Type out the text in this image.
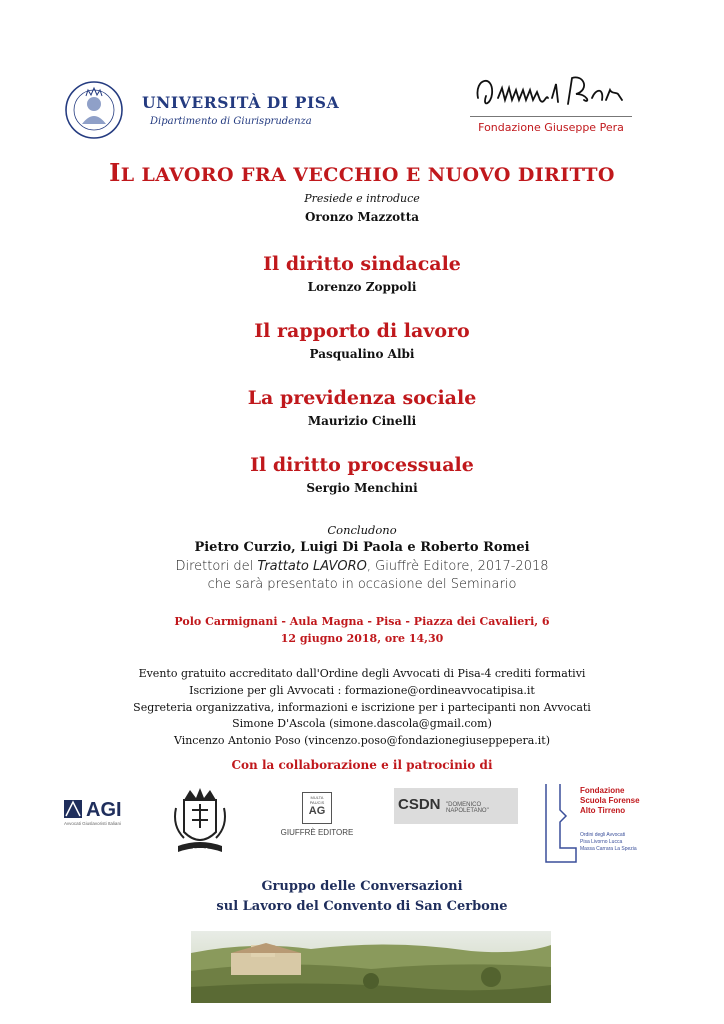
UNIVERSITÀ DI PISA
Dipartimento di Giurisprudenza	Fondazione Giuseppe Pera
IL LAVORO FRA VECCHIO E NUOVO DIRITTO
Presiede e introduce
Oronzo Mazzotta
Il diritto sindacale
Lorenzo Zoppoli
Il rapporto di lavoro
Pasqualino Albi
La previdenza sociale
Maurizio Cinelli
Il diritto processuale
Sergio Menchini
Concludono
Pietro Curzio, Luigi Di Paola e Roberto Romei
Direttori del Trattato LAVORO, Giuffrè Editore, 2017-2018
che sarà presentato in occasione del Seminario
Polo Carmignani - Aula Magna - Pisa - Piazza dei Cavalieri, 6
12 giugno 2018, ore 14,30
Evento gratuito accreditato dall'Ordine degli Avvocati di Pisa-4 crediti formativi
Iscrizione per gli Avvocati : formazione@ordineavvocatipisa.it
Segreteria organizzativa, informazioni e iscrizione per i partecipanti non Avvocati
Simone D'Ascola (simone.dascola@gmail.com)
Vincenzo Antonio Poso (vincenzo.poso@fondazionegiuseppepera.it)
Con la collaborazione e il patrocinio di
AGI
Avvocati Giuslavoristi Italiani
1874
MULTA PAUCIS
AG
GIUFFRÈ EDITORE
CSDN "DOMENICO NAPOLETANO"
Fondazione
Scuola Forense
Alto Tirreno
Ordini degli Avvocati
Pisa Livorno Lucca
Massa Carrara La Spezia
Gruppo delle Conversazioni
sul Lavoro del Convento di San Cerbone
